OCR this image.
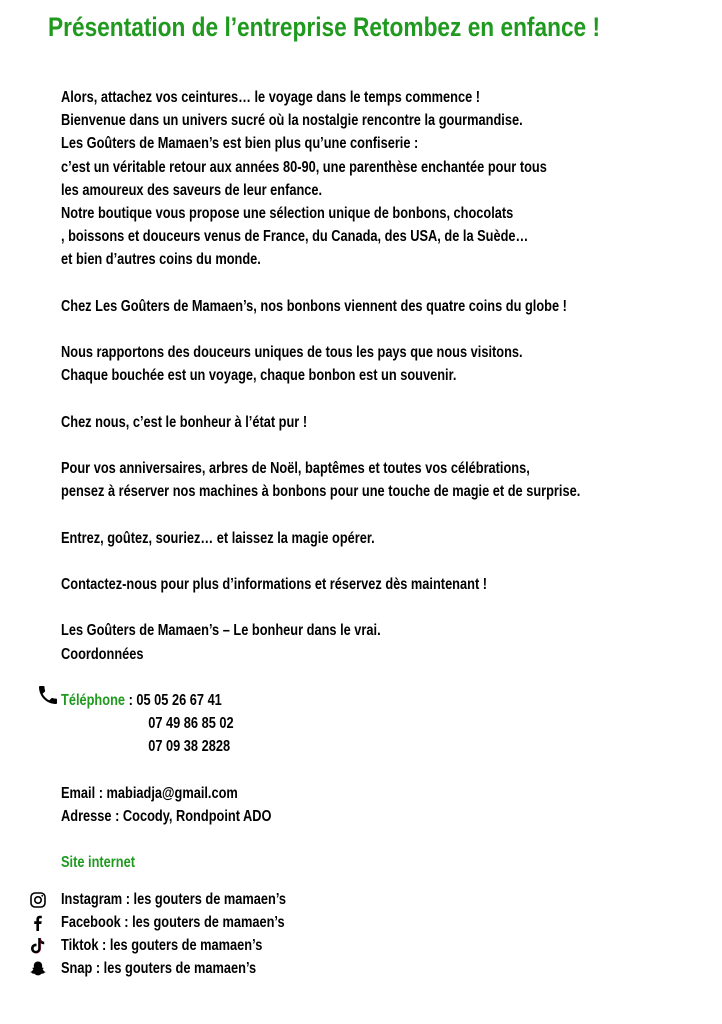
Présentation de l’entreprise Retombez en enfance !
Alors, attachez vos ceintures… le voyage dans le temps commence !
Bienvenue dans un univers sucré où la nostalgie rencontre la gourmandise.
Les Goûters de Mamaen’s est bien plus qu’une confiserie :
c’est un véritable retour aux années 80-90, une parenthèse enchantée pour tous
les amoureux des saveurs de leur enfance.
Notre boutique vous propose une sélection unique de bonbons, chocolats
, boissons et douceurs venus de France, du Canada, des USA, de la Suède…
et bien d’autres coins du monde.
Chez Les Goûters de Mamaen’s, nos bonbons viennent des quatre coins du globe !
Nous rapportons des douceurs uniques de tous les pays que nous visitons.
Chaque bouchée est un voyage, chaque bonbon est un souvenir.
Chez nous, c’est le bonheur à l’état pur !
Pour vos anniversaires, arbres de Noël, baptêmes et toutes vos célébrations,
pensez à réserver nos machines à bonbons pour une touche de magie et de surprise.
Entrez, goûtez, souriez… et laissez la magie opérer.
Contactez-nous pour plus d’informations et réservez dès maintenant !
Les Goûters de Mamaen’s – Le bonheur dans le vrai.
Coordonnées
Téléphone : 05 05 26 67 41
07 49 86 85 02
07 09 38 2828
Email : mabiadja@gmail.com
Adresse : Cocody, Rondpoint ADO
Site internet
Instagram : les gouters de mamaen’s
Facebook : les gouters de mamaen’s
Tiktok : les gouters de mamaen’s
Snap : les gouters de mamaen’s
